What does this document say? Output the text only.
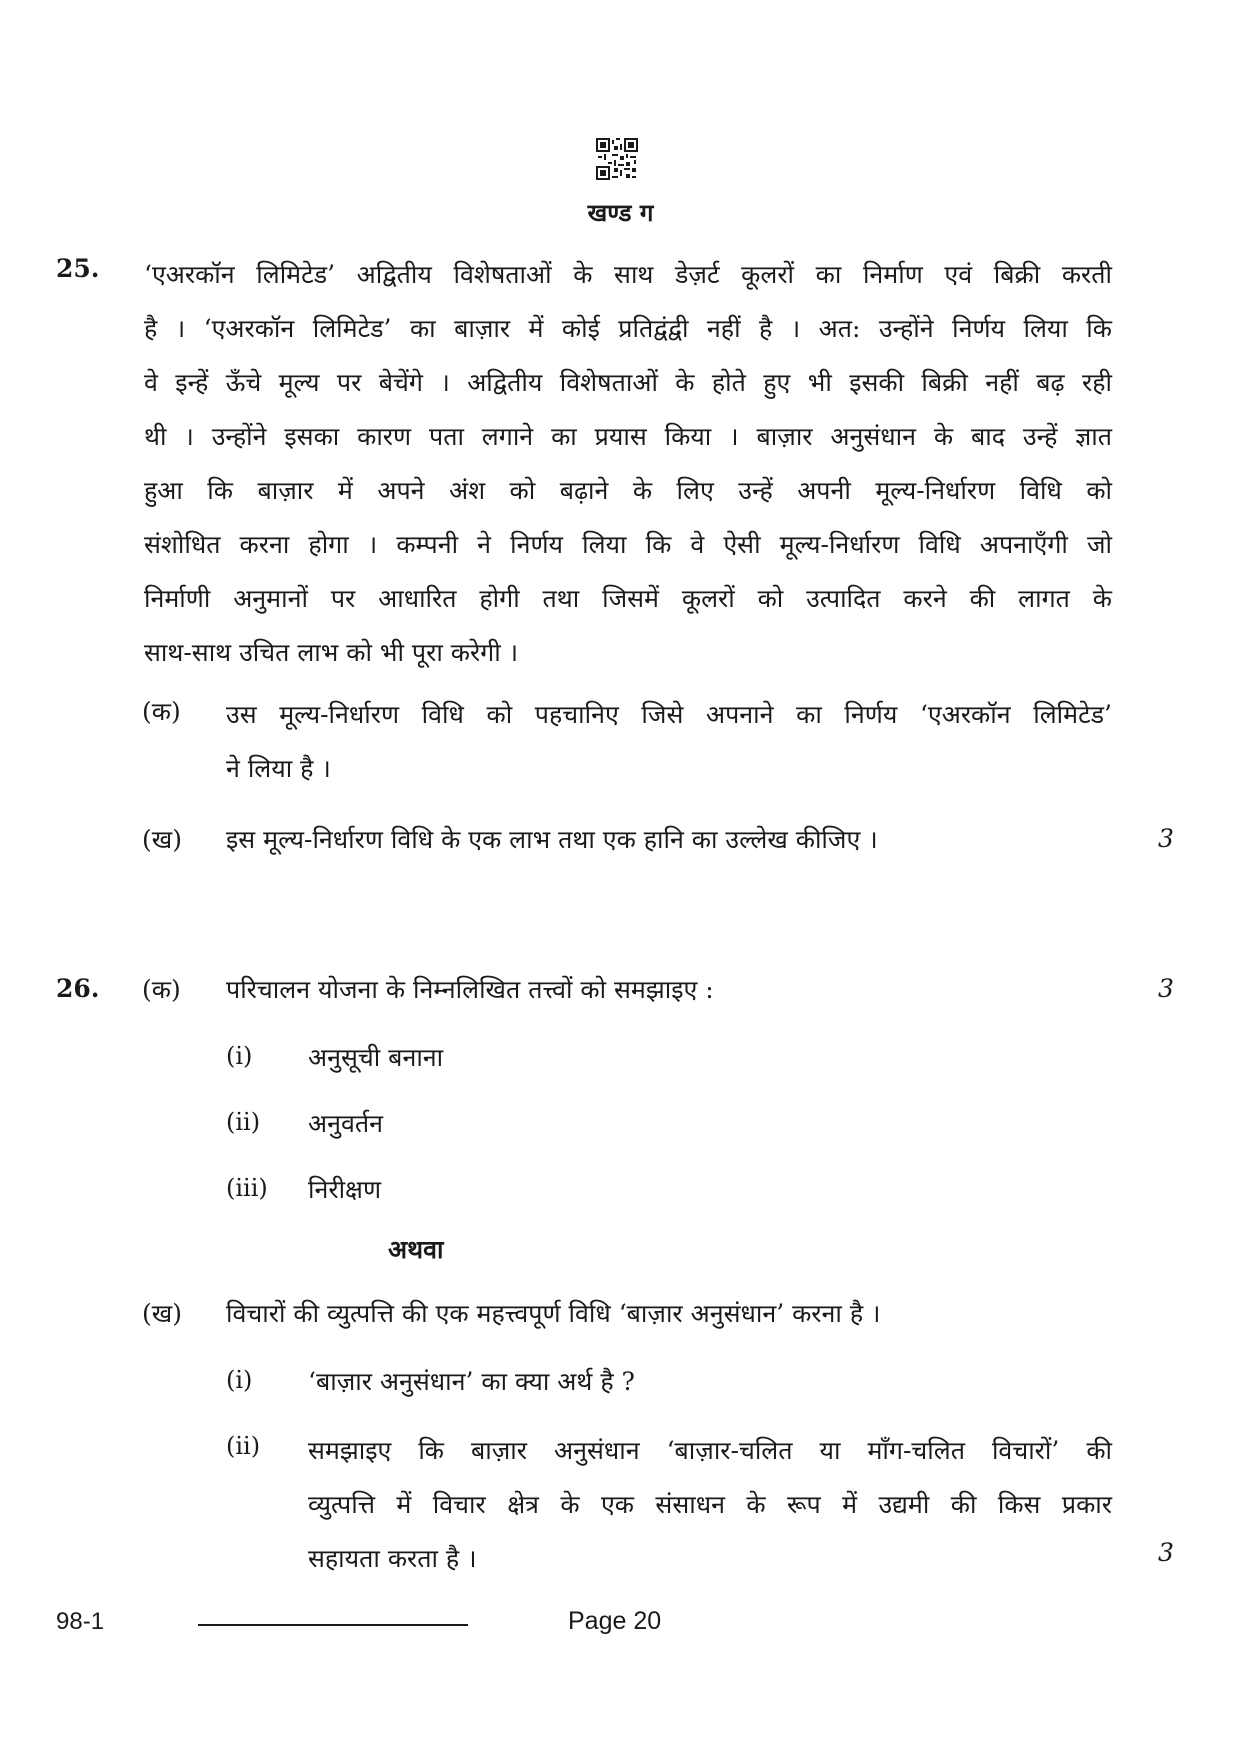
खण्ड ग
25. ‘एअरकॉन लिमिटेड’ अद्वितीय विशेषताओं के साथ डेज़र्ट कूलरों का निर्माण एवं बिक्री करती
है । ‘एअरकॉन लिमिटेड’ का बाज़ार में कोई प्रतिद्वंद्वी नहीं है । अत: उन्होंने निर्णय लिया कि
वे इन्हें ऊँचे मूल्य पर बेचेंगे । अद्वितीय विशेषताओं के होते हुए भी इसकी बिक्री नहीं बढ़ रही
थी । उन्होंने इसका कारण पता लगाने का प्रयास किया । बाज़ार अनुसंधान के बाद उन्हें ज्ञात
हुआ कि बाज़ार में अपने अंश को बढ़ाने के लिए उन्हें अपनी मूल्य-निर्धारण विधि को
संशोधित करना होगा । कम्पनी ने निर्णय लिया कि वे ऐसी मूल्य-निर्धारण विधि अपनाएँगी जो
निर्माणी अनुमानों पर आधारित होगी तथा जिसमें कूलरों को उत्पादित करने की लागत के
साथ-साथ उचित लाभ को भी पूरा करेगी ।
(क) उस मूल्य-निर्धारण विधि को पहचानिए जिसे अपनाने का निर्णय ‘एअरकॉन लिमिटेड’
ने लिया है ।
(ख) इस मूल्य-निर्धारण विधि के एक लाभ तथा एक हानि का उल्लेख कीजिए ।	3
26. (क) परिचालन योजना के निम्नलिखित तत्त्वों को समझाइए :	3
(i) अनुसूची बनाना
(ii) अनुवर्तन
(iii) निरीक्षण
अथवा
(ख) विचारों की व्युत्पत्ति की एक महत्त्वपूर्ण विधि ‘बाज़ार अनुसंधान’ करना है ।
(i) ‘बाज़ार अनुसंधान’ का क्या अर्थ है ?
(ii) समझाइए कि बाज़ार अनुसंधान ‘बाज़ार-चलित या माँग-चलित विचारों’ की
व्युत्पत्ति में विचार क्षेत्र के एक संसाधन के रूप में उद्यमी की किस प्रकार
सहायता करता है ।	3
98-1	Page 20
